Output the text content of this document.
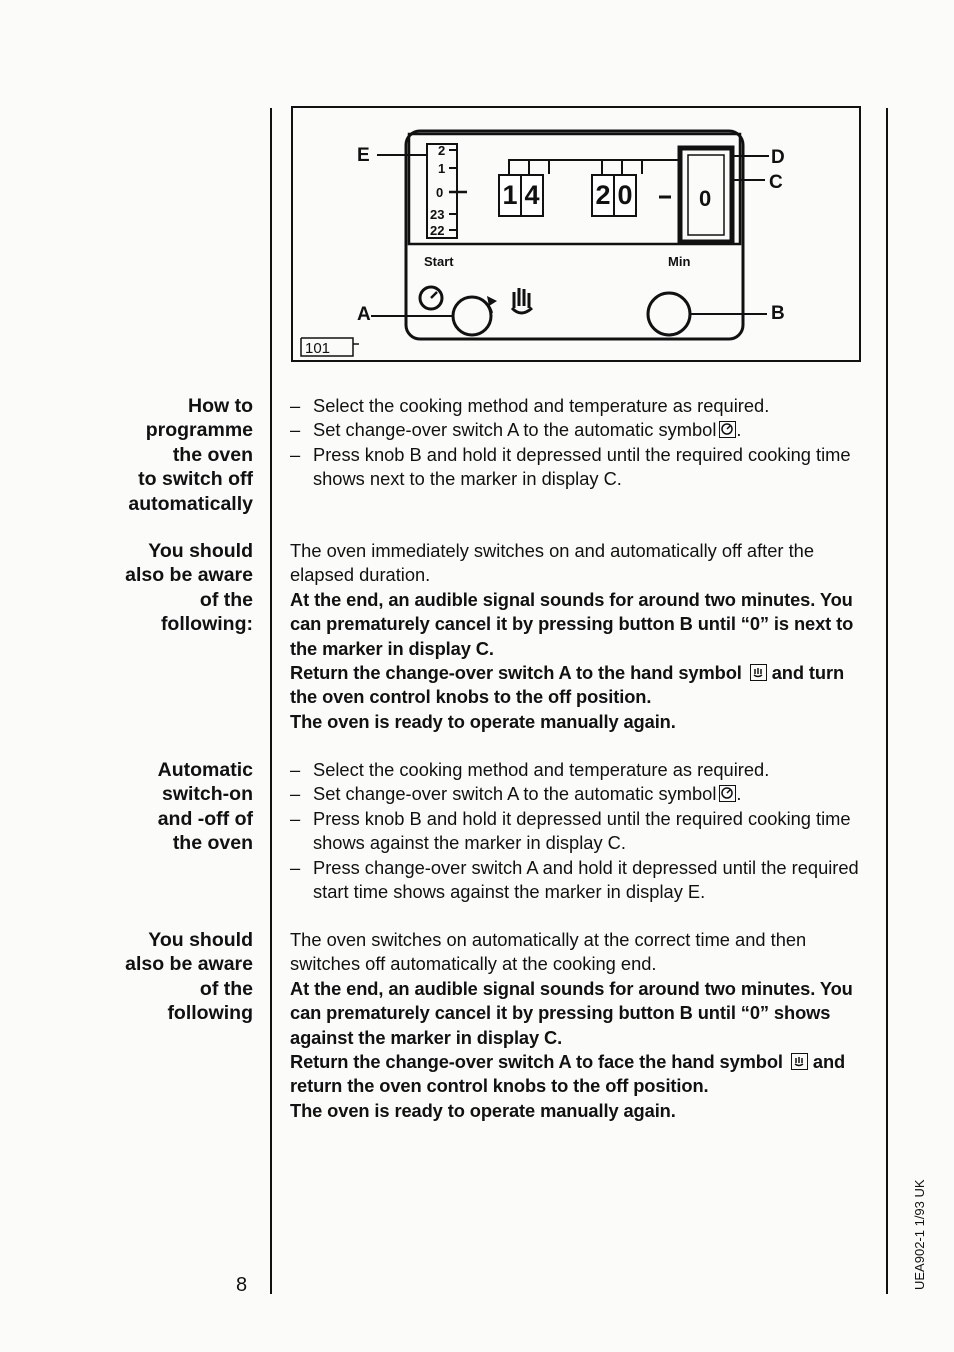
E	D
C
A	B
2
1
0
23
22
1 4 2 0	0
Start	Min
101
How to
programme
the oven
to switch off
automatically
– Select the cooking method and temperature as required.
– Set change-over switch A to the automatic symbol .
– Press knob B and hold it depressed until the required cooking time shows next to the marker in display C.
You should
also be aware
of the
following:

The oven immediately switches on and automatically off after the elapsed duration.

At the end, an audible signal sounds for around two minutes. You can prematurely cancel it by pressing button B until “0” is next to the marker in display C.

Return the change-over switch A to the hand symbol and turn the oven control knobs to the off position.

The oven is ready to operate manually again.

Automatic
switch-on
and -off of
the oven
– Select the cooking method and temperature as required.
– Set change-over switch A to the automatic symbol .
– Press knob B and hold it depressed until the required cooking time shows against the marker in display C.
– Press change-over switch A and hold it depressed until the required start time shows against the marker in display E.
You should
also be aware
of the
following

The oven switches on automatically at the correct time and then switches off automatically at the cooking end.

At the end, an audible signal sounds for around two minutes. You can prematurely cancel it by pressing button B until “0” shows against the marker in display C.

Return the change-over switch A to face the hand symbol and return the oven control knobs to the off position.

The oven is ready to operate manually again.

8	UEA902-1 1/93 UK
